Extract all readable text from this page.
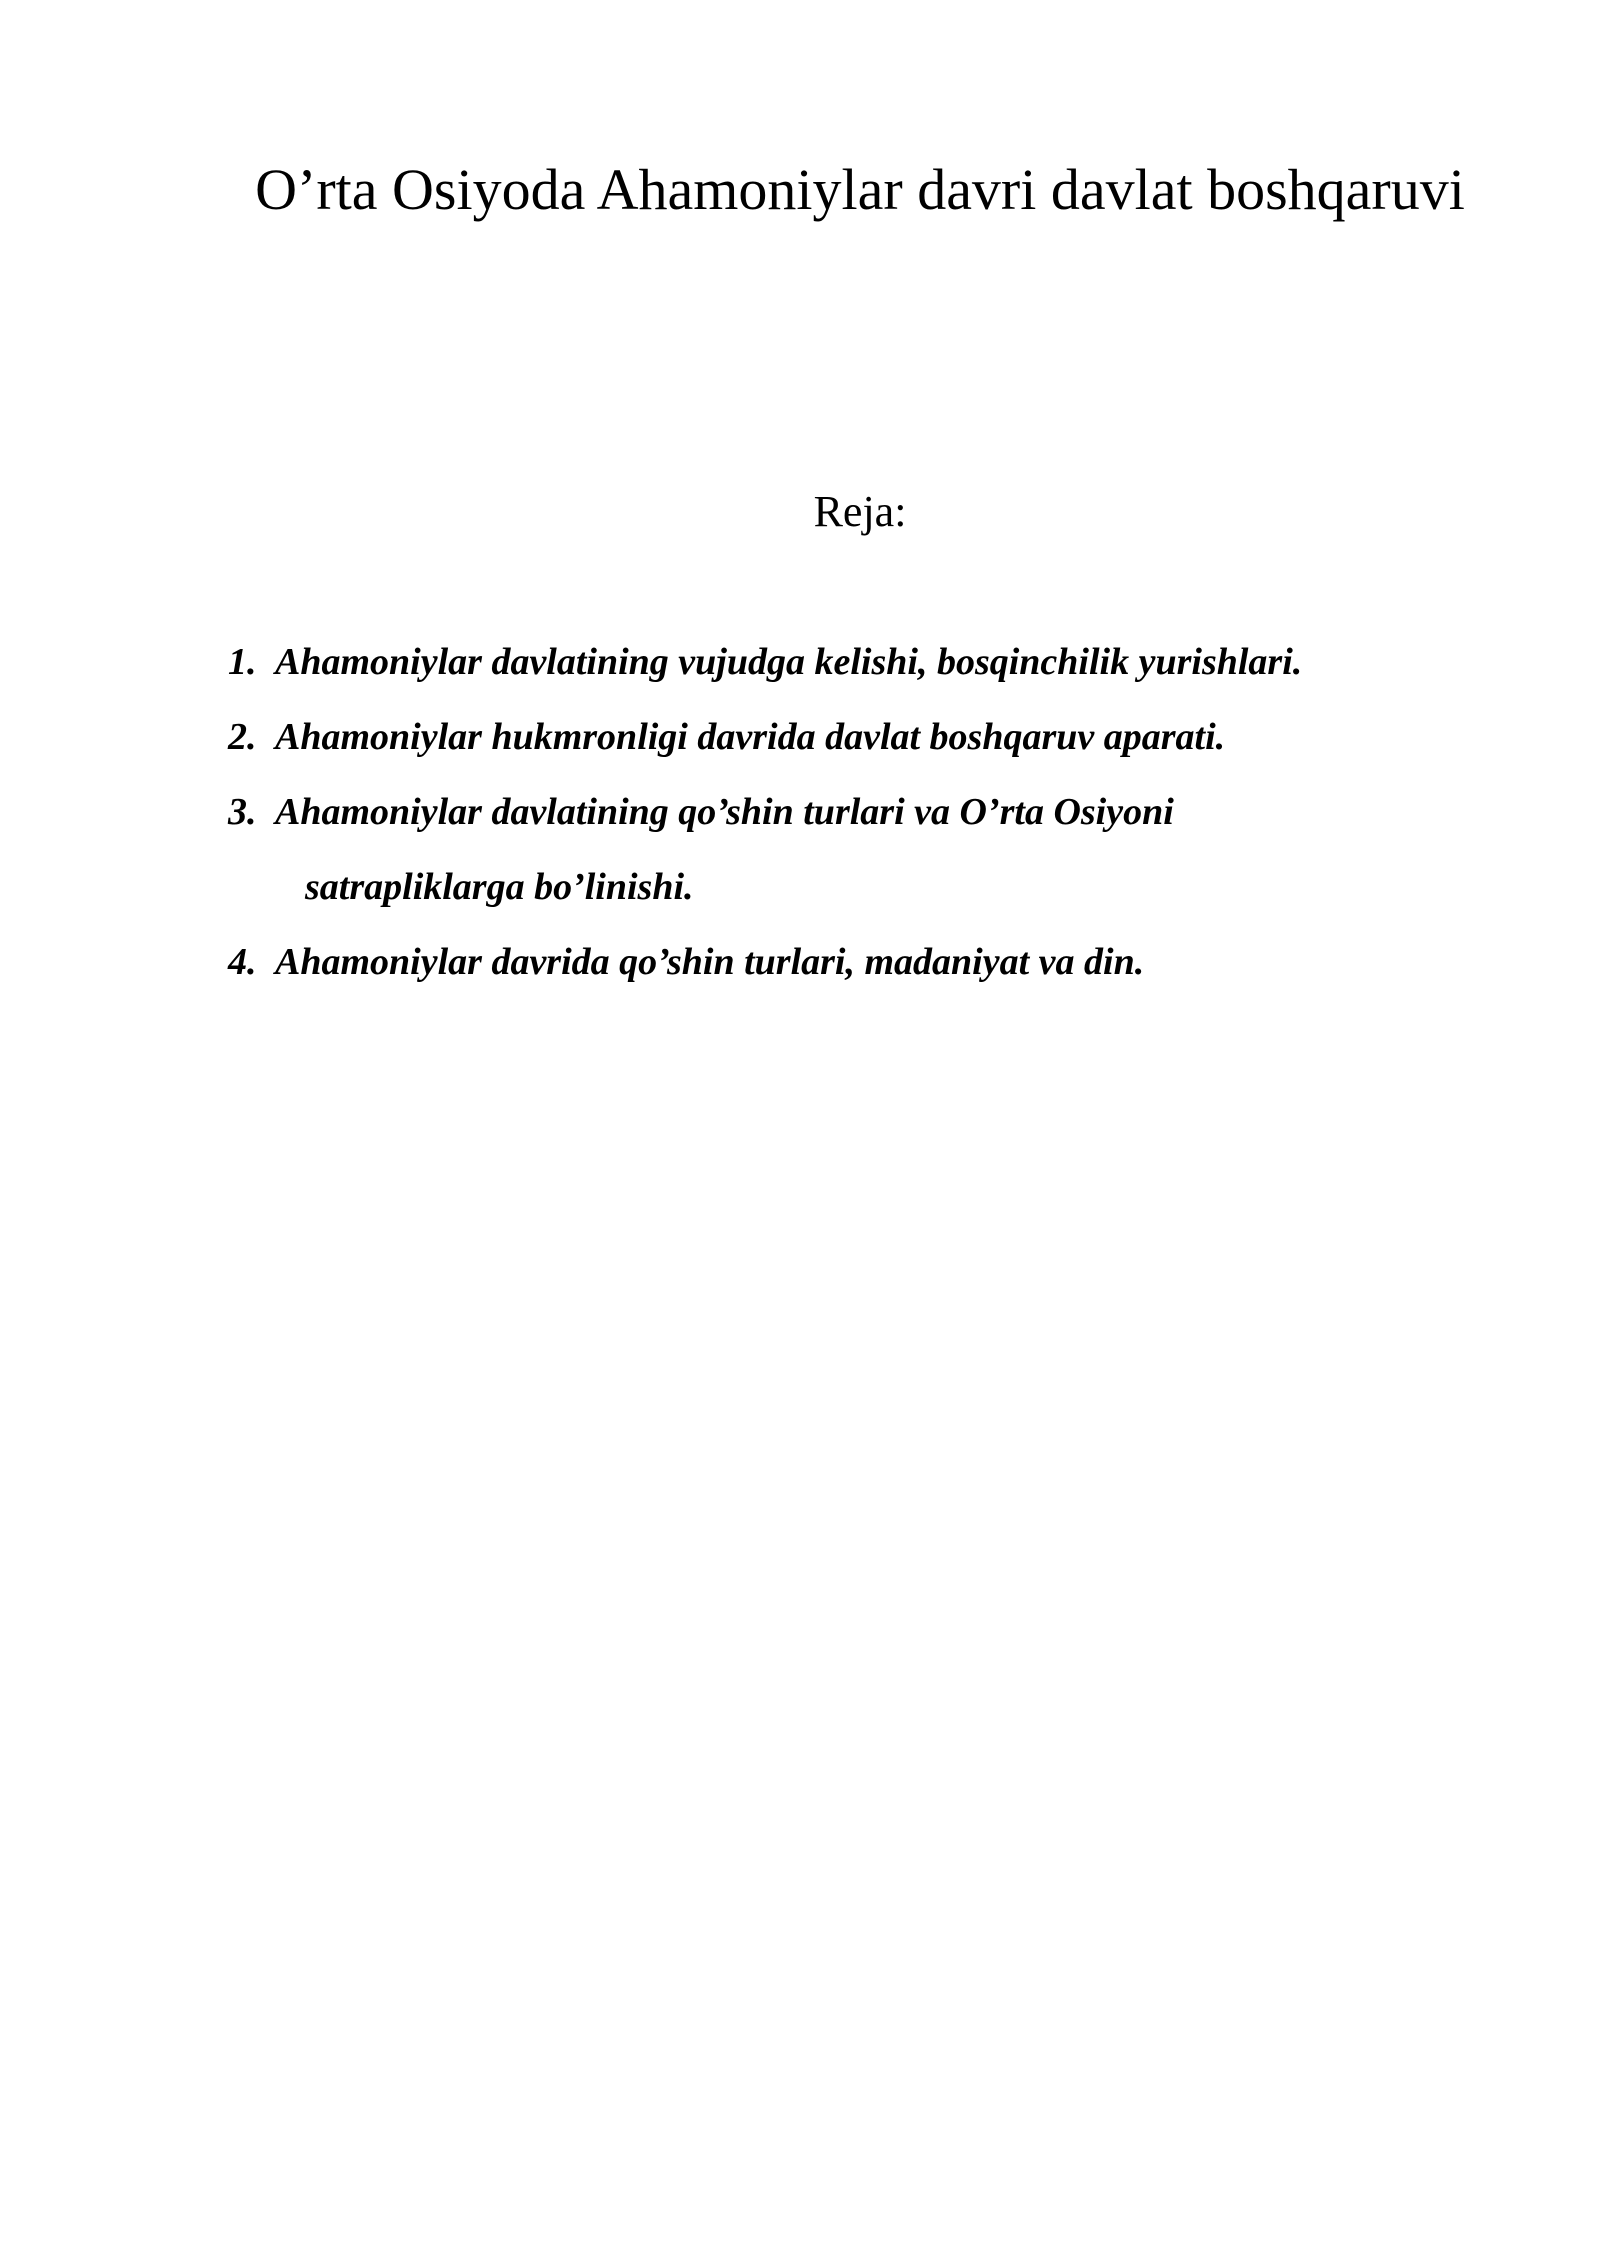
O’rta Osiyoda Ahamoniylar davri davlat boshqaruvi
Reja:
1. Ahamoniylar davlatining vujudga kelishi, bosqinchilik yurishlari.
2. Ahamoniylar hukmronligi davrida davlat boshqaruv aparati.
3. Ahamoniylar davlatining qo’shin turlari va O’rta Osiyoni
satrapliklarga bo’linishi.
4. Ahamoniylar davrida qo’shin turlari, madaniyat va din.
